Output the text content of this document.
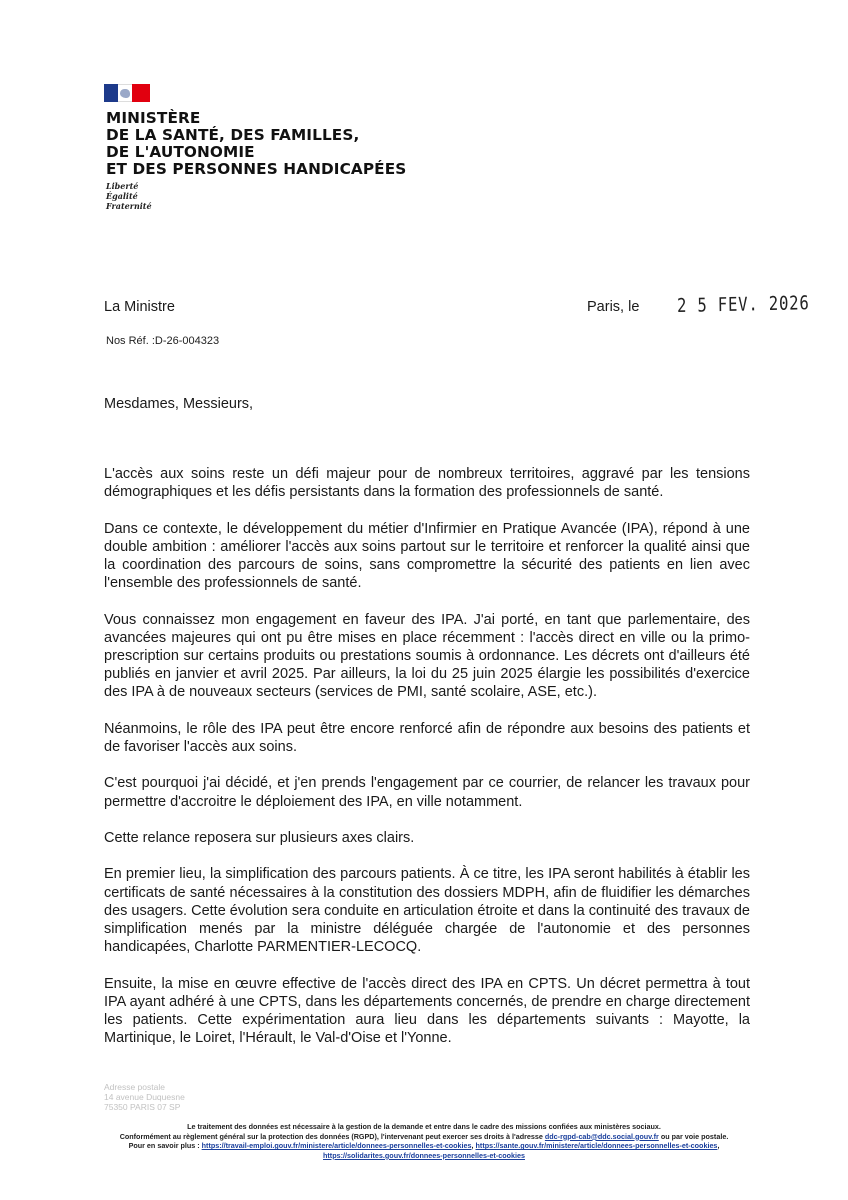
MINISTÈRE
DE LA SANTÉ, DES FAMILLES,
DE L'AUTONOMIE
ET DES PERSONNES HANDICAPÉES
Liberté
Égalité
Fraternité
La Ministre	Paris, le 2 5 FEV. 2026
Nos Réf. :D-26-004323
Mesdames, Messieurs,

L'accès aux soins reste un défi majeur pour de nombreux territoires, aggravé par les tensions démographiques et les défis persistants dans la formation des professionnels de santé.

Dans ce contexte, le développement du métier d'Infirmier en Pratique Avancée (IPA), répond à une double ambition : améliorer l'accès aux soins partout sur le territoire et renforcer la qualité ainsi que la coordination des parcours de soins, sans compromettre la sécurité des patients en lien avec l'ensemble des professionnels de santé.

Vous connaissez mon engagement en faveur des IPA. J'ai porté, en tant que parlementaire, des avancées majeures qui ont pu être mises en place récemment : l'accès direct en ville ou la primo-prescription sur certains produits ou prestations soumis à ordonnance. Les décrets ont d'ailleurs été publiés en janvier et avril 2025. Par ailleurs, la loi du 25 juin 2025 élargie les possibilités d'exercice des IPA à de nouveaux secteurs (services de PMI, santé scolaire, ASE, etc.).

Néanmoins, le rôle des IPA peut être encore renforcé afin de répondre aux besoins des patients et de favoriser l'accès aux soins.

C'est pourquoi j'ai décidé, et j'en prends l'engagement par ce courrier, de relancer les travaux pour permettre d'accroitre le déploiement des IPA, en ville notamment.

Cette relance reposera sur plusieurs axes clairs.

En premier lieu, la simplification des parcours patients. À ce titre, les IPA seront habilités à établir les certificats de santé nécessaires à la constitution des dossiers MDPH, afin de fluidifier les démarches des usagers. Cette évolution sera conduite en articulation étroite et dans la continuité des travaux de simplification menés par la ministre déléguée chargée de l'autonomie et des personnes handicapées, Charlotte PARMENTIER-LECOCQ.

Ensuite, la mise en œuvre effective de l'accès direct des IPA en CPTS. Un décret permettra à tout IPA ayant adhéré à une CPTS, dans les départements concernés, de prendre en charge directement les patients. Cette expérimentation aura lieu dans les départements suivants : Mayotte, la Martinique, le Loiret, l'Hérault, le Val-d'Oise et l'Yonne.

Adresse postale
14 avenue Duquesne
75350 PARIS 07 SP
Le traitement des données est nécessaire à la gestion de la demande et entre dans le cadre des missions confiées aux ministères sociaux.
Conformément au règlement général sur la protection des données (RGPD), l'intervenant peut exercer ses droits à l'adresse ddc-rgpd-cab@ddc.social.gouv.fr ou par voie postale.
Pour en savoir plus : https://travail-emploi.gouv.fr/ministere/article/donnees-personnelles-et-cookies, https://sante.gouv.fr/ministere/article/donnees-personnelles-et-cookies,
https://solidarites.gouv.fr/donnees-personnelles-et-cookies
